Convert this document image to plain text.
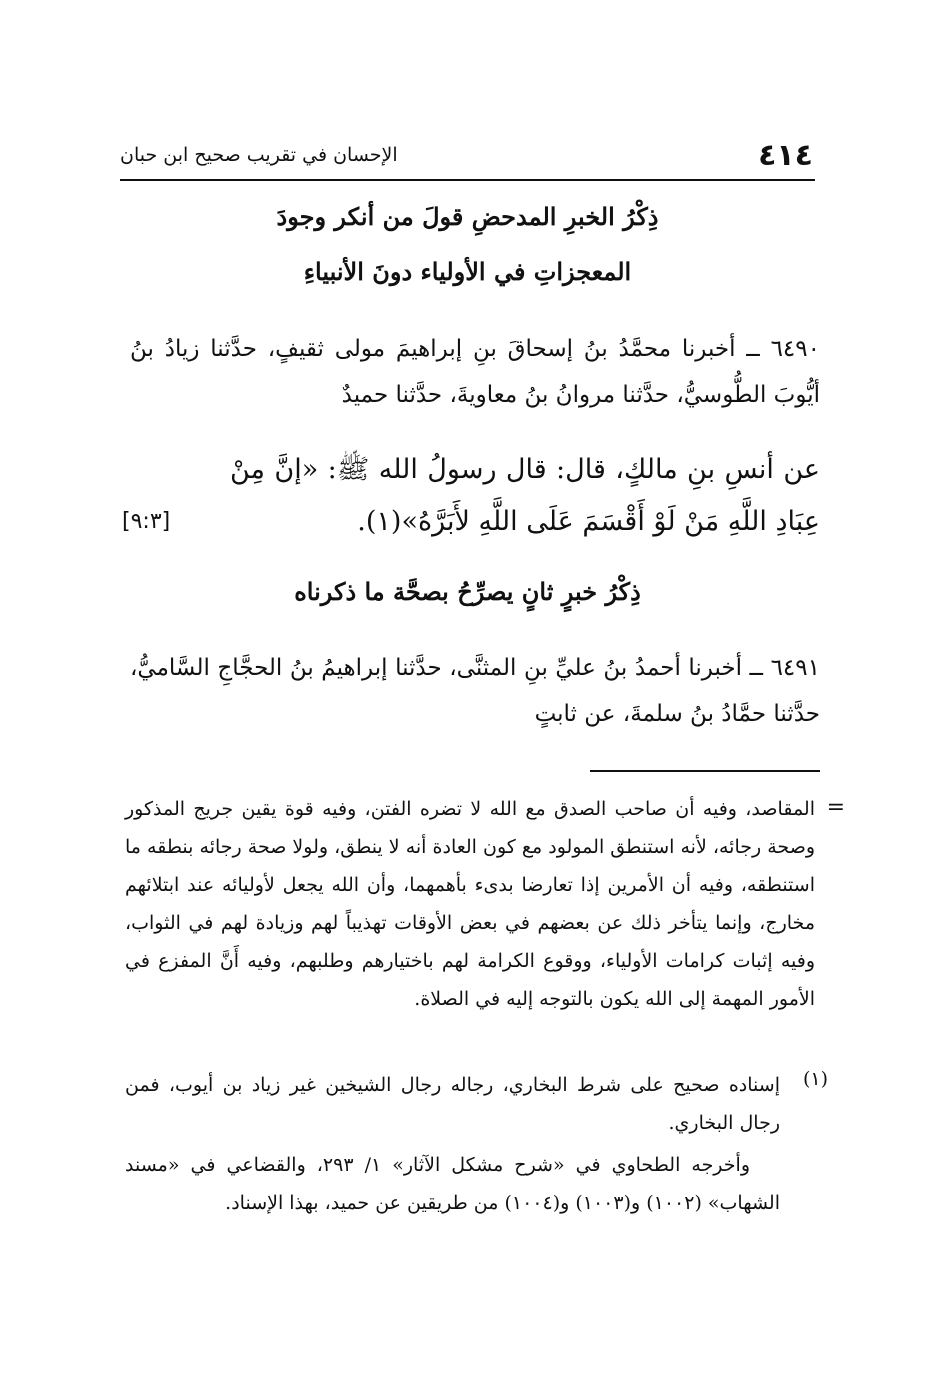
٤١٤
الإحسان في تقريب صحيح ابن حبان
ذِكْرُ الخبرِ المدحضِ قولَ من أنكر وجودَ
المعجزاتِ في الأولياء دونَ الأنبياءِ
٦٤٩٠ ــ أخبرنا محمَّدُ بنُ إسحاقَ بنِ إبراهيمَ مولى ثقيفٍ، حدَّثنا زيادُ بنُ أيُّوبَ الطُّوسيُّ، حدَّثنا مروانُ بنُ معاويةَ، حدَّثنا حميدٌ
عن أنسِ بنِ مالكٍ، قال: قال رسولُ الله ﷺ: «إنَّ مِنْ عِبَادِ اللَّهِ مَنْ لَوْ أَقْسَمَ عَلَى اللَّهِ لأَبَرَّهُ»(١).
[٩:٣]
ذِكْرُ خبرٍ ثانٍ يصرِّحُ بصحَّة ما ذكرناه
٦٤٩١ ــ أخبرنا أحمدُ بنُ عليِّ بنِ المثنَّى، حدَّثنا إبراهيمُ بنُ الحجَّاجِ السَّاميُّ، حدَّثنا حمَّادُ بنُ سلمةَ، عن ثابتٍ
=
المقاصد، وفيه أن صاحب الصدق مع الله لا تضره الفتن، وفيه قوة يقين جريج المذكور وصحة رجائه، لأنه استنطق المولود مع كون العادة أنه لا ينطق، ولولا صحة رجائه بنطقه ما استنطقه، وفيه أن الأمرين إذا تعارضا بدىء بأهمهما، وأن الله يجعل لأوليائه عند ابتلائهم مخارج، وإنما يتأخر ذلك عن بعضهم في بعض الأوقات تهذيباً لهم وزيادة لهم في الثواب، وفيه إثبات كرامات الأولياء، ووقوع الكرامة لهم باختيارهم وطلبهم، وفيه أَنَّ المفزع في الأمور المهمة إلى الله يكون بالتوجه إليه في الصلاة.
(١)
إسناده صحيح على شرط البخاري، رجاله رجال الشيخين غير زياد بن أيوب، فمن رجال البخاري.
وأخرجه الطحاوي في «شرح مشكل الآثار» ١/ ٢٩٣، والقضاعي في «مسند الشهاب» (١٠٠٢) و(١٠٠٣) و(١٠٠٤) من طريقين عن حميد، بهذا الإسناد.
